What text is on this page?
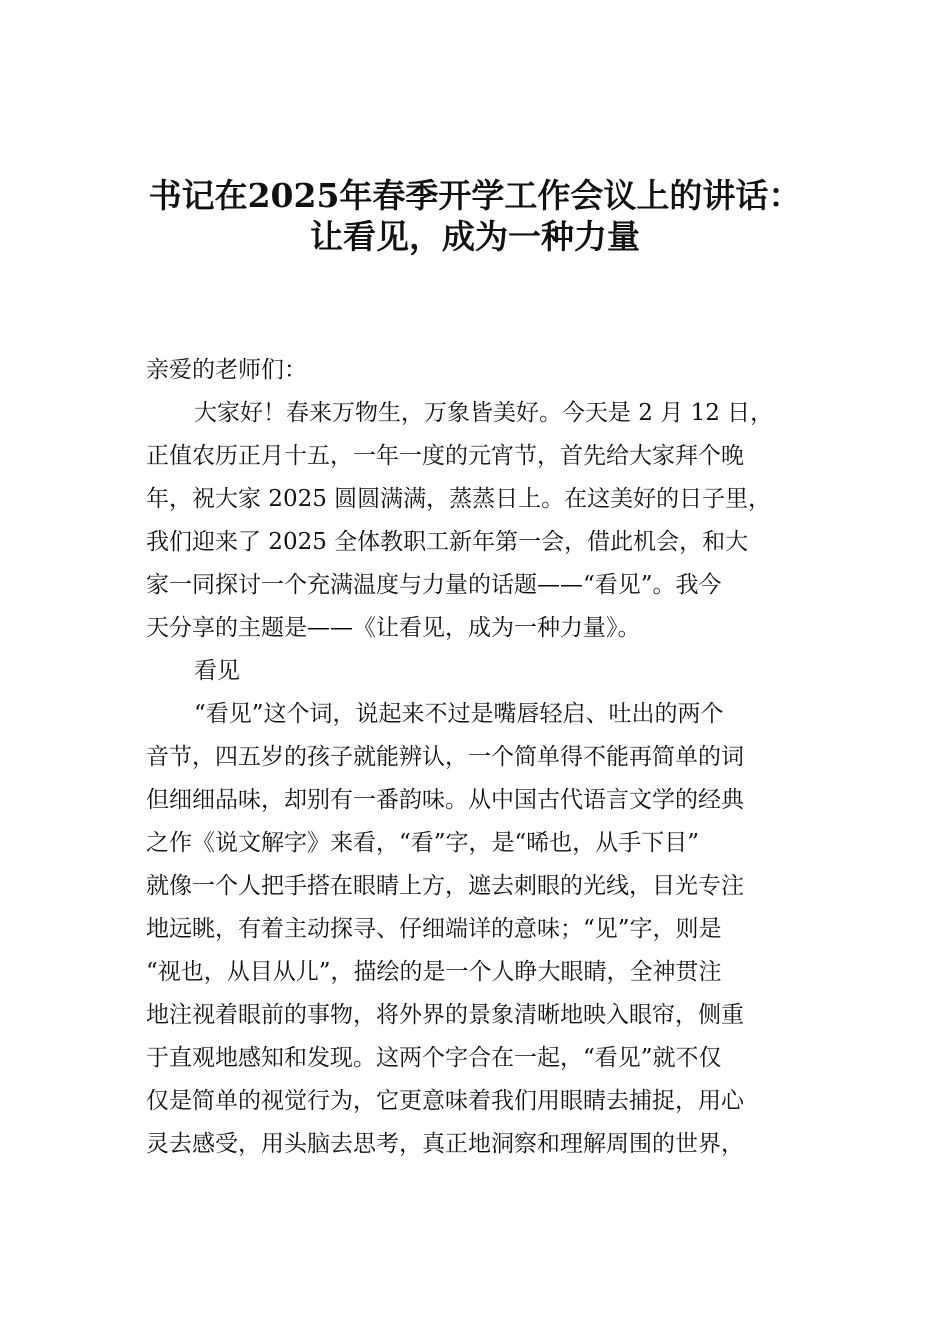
书记在2025年春季开学工作会议上的讲话：
让看见，成为一种力量
亲爱的老师们：
大家好！春来万物生，万象皆美好。今天是 2 月 12 日，
正值农历正月十五，一年一度的元宵节，首先给大家拜个晚
年，祝大家 2025 圆圆满满，蒸蒸日上。在这美好的日子里，
我们迎来了 2025 全体教职工新年第一会，借此机会，和大
家一同探讨一个充满温度与力量的话题——“看见”。我今
天分享的主题是——《让看见，成为一种力量》。
看见
“看见”这个词，说起来不过是嘴唇轻启、吐出的两个
音节，四五岁的孩子就能辨认，一个简单得不能再简单的词
但细细品味，却别有一番韵味。从中国古代语言文学的经典
之作《说文解字》来看，“看”字，是“晞也，从手下目”
就像一个人把手搭在眼睛上方，遮去刺眼的光线，目光专注
地远眺，有着主动探寻、仔细端详的意味；“见”字，则是
“视也，从目从儿”，描绘的是一个人睁大眼睛，全神贯注
地注视着眼前的事物，将外界的景象清晰地映入眼帘，侧重
于直观地感知和发现。这两个字合在一起，“看见”就不仅
仅是简单的视觉行为，它更意味着我们用眼睛去捕捉，用心
灵去感受，用头脑去思考，真正地洞察和理解周围的世界，
